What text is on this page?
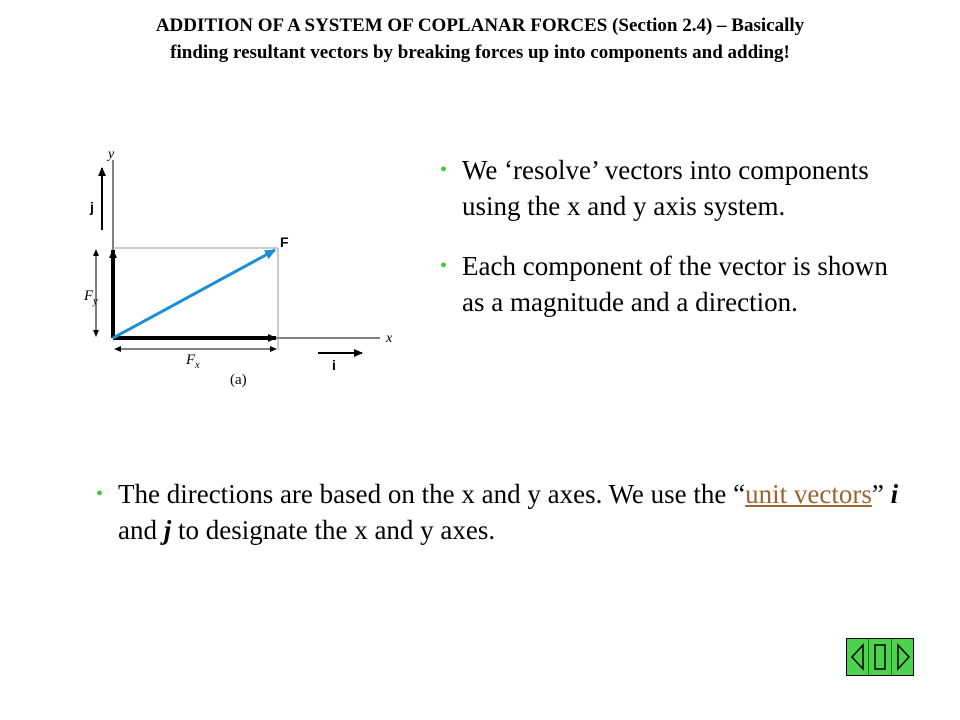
ADDITION OF A SYSTEM OF COPLANAR FORCES (Section 2.4) – Basically
finding resultant vectors by breaking forces up into components and adding!
y
j
F
$F_y$
$F_x$
x
i
(a)
• We ‘resolve’ vectors into components using the x and y axis system.
• Each component of the vector is shown as a magnitude and a direction.
• The directions are based on the x and y axes. We use the “unit vectors” i and j to designate the x and y axes.
